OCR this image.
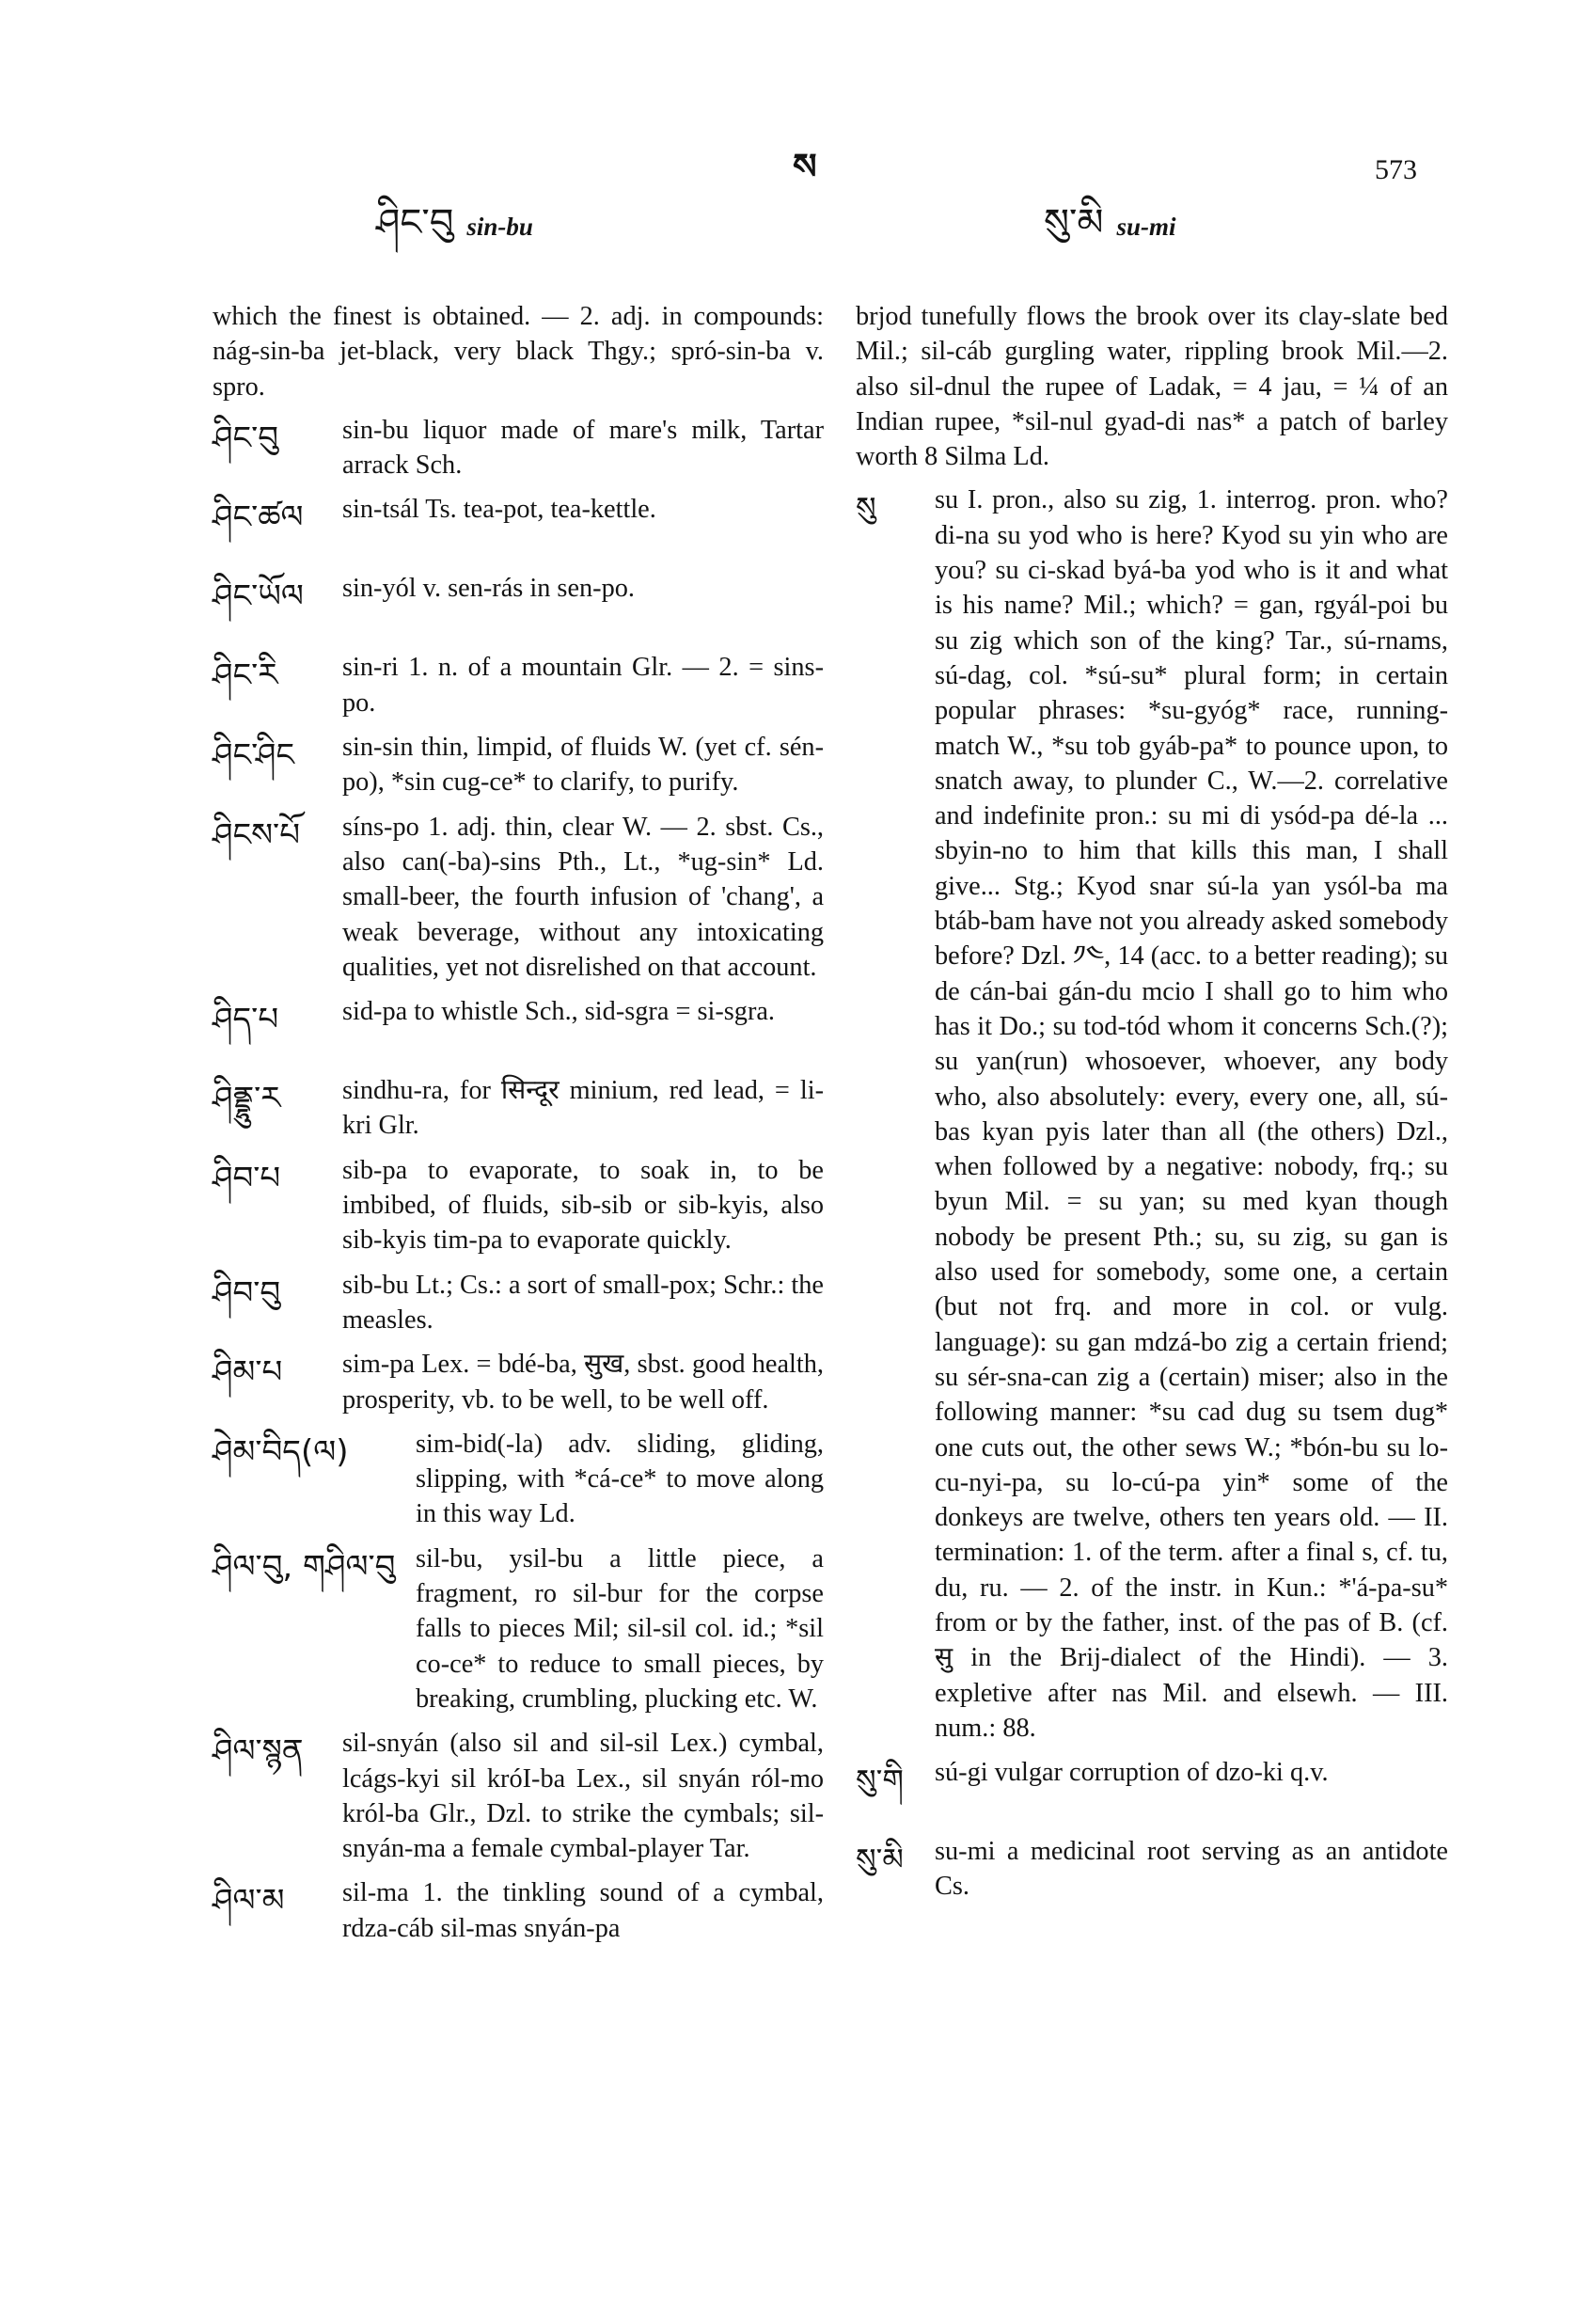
ཤིང་བུ sin-bu
ས
སུ་མི su-mi
573

which the finest is obtained. — 2. adj. in compounds: nág-sin-ba jet-black, very black Thgy.; spró-sin-ba v. spro.

ཤིང་བུ sin-bu liquor made of mare's milk, Tartar arrack Sch.
ཤིང་ཚལ sin-tsál Ts. tea-pot, tea-kettle.
ཤིང་ཡོལ sin-yól v. sen-rás in sen-po.
ཤིང་རི sin-ri 1. n. of a mountain Glr. — 2. = sins-po.
ཤིང་ཤིང sin-sin thin, limpid, of fluids W. (yet cf. sén-po), *sin cug-ce* to clarify, to purify.
ཤིངས་པོ síns-po 1. adj. thin, clear W. — 2. sbst. Cs., also can(-ba)-sins Pth., Lt., *ug-sin* Ld. small-beer, the fourth infusion of 'chang', a weak beverage, without any intoxicating qualities, yet not disrelished on that account.
ཤིད་པ sid-pa to whistle Sch., sid-sgra = si-sgra.
ཤིནྡྷུ་ར sindhu-ra, for सिन्दूर minium, red lead, = li-kri Glr.
ཤིབ་པ sib-pa to evaporate, to soak in, to be imbibed, of fluids, sib-sib or sib-kyis, also sib-kyis tim-pa to evaporate quickly.
ཤིབ་བུ sib-bu Lt.; Cs.: a sort of small-pox; Schr.: the measles.
ཤིམ་པ sim-pa Lex. = bdé-ba, सुख, sbst. good health, prosperity, vb. to be well, to be well off.
ཤེམ་བིད(ལ)	sim-bid(-la) adv. sliding, gliding, slipping, with *cá-ce* to move along in this way Ld.
ཤིལ་བུ, གཤིལ་བུ sil-bu, ysil-bu a little piece, a fragment, ro sil-bur for the corpse falls to pieces Mil; sil-sil col. id.; *sil co-ce* to reduce to small pieces, by breaking, crumbling, plucking etc. W.
ཤིལ་སྙན sil-snyán (also sil and sil-sil Lex.) cymbal, lcágs-kyi sil króI-ba Lex., sil snyán ról-mo król-ba Glr., Dzl. to strike the cymbals; sil-snyán-ma a female cymbal-player Tar.
ཤིལ་མ sil-ma 1. the tinkling sound of a cymbal, rdza-cáb sil-mas snyán-pa

brjod tunefully flows the brook over its clay-slate bed Mil.; sil-cáb gurgling water, rippling brook Mil.—2. also sil-dnul the rupee of Ladak, = 4 jau, = ¼ of an Indian rupee, *sil-nul gyad-di nas* a patch of barley worth 8 Silma Ld.

སུ su I. pron., also su zig, 1. interrog. pron. who? di-na su yod who is here? Kyod su yin who are you? su ci-skad byá-ba yod who is it and what is his name? Mil.; which? = gan, rgyál-poi bu su zig which son of the king? Tar., sú-rnams, sú-dag, col. *sú-su* plural form; in certain popular phrases: *su-gyóg* race, running-match W., *su tob gyáb-pa* to pounce upon, to snatch away, to plunder C., W.—2. correlative and indefinite pron.: su mi di ysód-pa dé-la ... sbyin-no to him that kills this man, I shall give... Stg.; Kyod snar sú-la yan ysól-ba ma btáb-bam have not you already asked somebody before? Dzl. ༡༤, 14 (acc. to a better reading); su de cán-bai gán-du mcio I shall go to him who has it Do.; su tod-tód whom it concerns Sch.(?); su yan(run) whosoever, whoever, any body who, also absolutely: every, every one, all, sú-bas kyan pyis later than all (the others) Dzl., when followed by a negative: nobody, frq.; su byun Mil. = su yan; su med kyan though nobody be present Pth.; su, su zig, su gan is also used for somebody, some one, a certain (but not frq. and more in col. or vulg. language): su gan mdzá-bo zig a certain friend; su sér-sna-can zig a (certain) miser; also in the following manner: *su cad dug su tsem dug* one cuts out, the other sews W.; *bón-bu su lo-cu-nyi-pa, su lo-cú-pa yin* some of the donkeys are twelve, others ten years old. — II. termination: 1. of the term. after a final s, cf. tu, du, ru. — 2. of the instr. in Kun.: *'á-pa-su* from or by the father, inst. of the pas of B. (cf. सु in the Brij-dialect of the Hindi). — 3. expletive after nas Mil. and elsewh. — III. num.: 88.
སུ་གི sú-gi vulgar corruption of dzo-ki q.v.
སུ་མི su-mi a medicinal root serving as an antidote Cs.
